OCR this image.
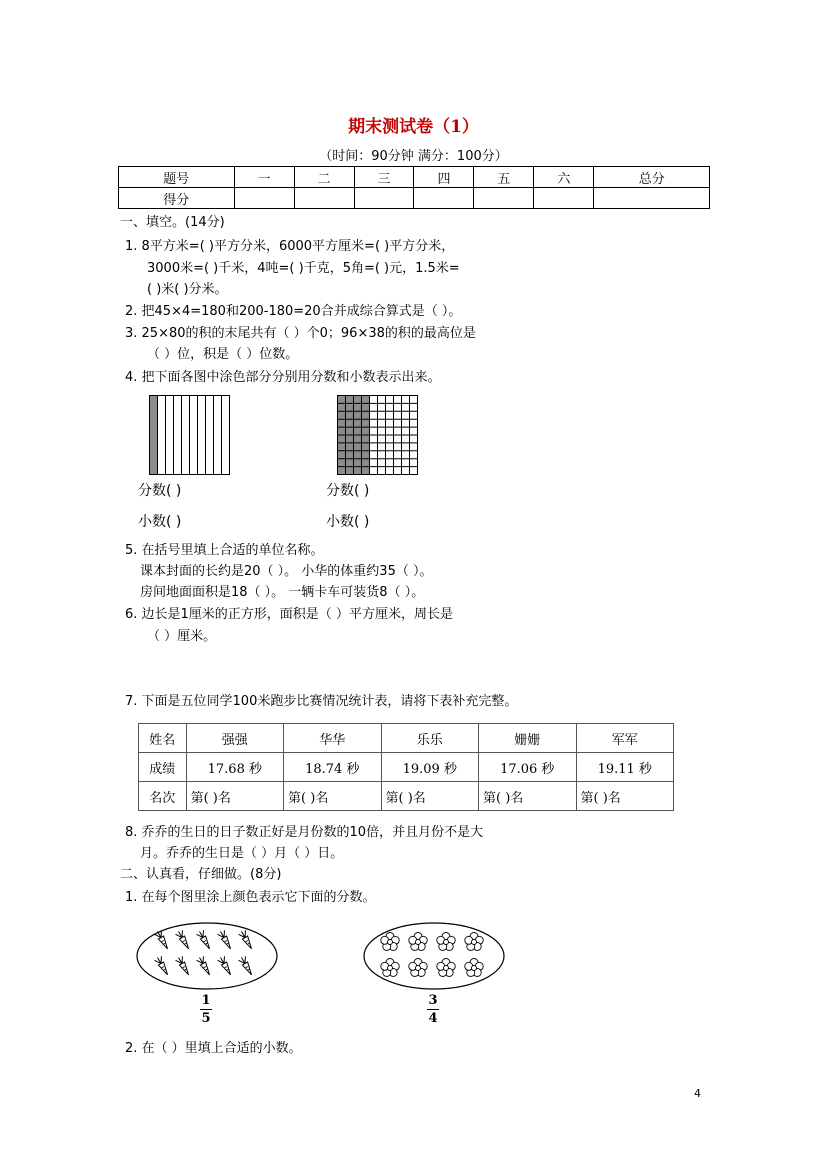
期末测试卷（1）
（时间：90分钟 满分：100分）
题号	一	二	三	四	五	六	总分
得分							
一、填空。(14分)
1. 8平方米=( )平方分米，6000平方厘米=( )平方分米，
3000米=( )千米，4吨=( )千克，5角=( )元，1.5米=
( )米( )分米。
2. 把45×4=180和200-180=20合并成综合算式是（ ）。
3. 25×80的积的末尾共有（ ）个0；96×38的积的最高位是
（ ）位，积是（ ）位数。
4. 把下面各图中涂色部分分别用分数和小数表示出来。
分数( )	分数( )
小数( )	小数( )
5. 在括号里填上合适的单位名称。
课本封面的长约是20（ ）。 小华的体重约35（ ）。
房间地面面积是18（ ）。 一辆卡车可装货8（ ）。
6. 边长是1厘米的正方形，面积是（ ）平方厘米，周长是
（ ）厘米。
7. 下面是五位同学100米跑步比赛情况统计表，请将下表补充完整。
姓名	强强	华华	乐乐	姗姗	军军
成绩	17.68 秒	18.74 秒	19.09 秒	17.06 秒	19.11 秒
名次	第( )名	第( )名	第( )名	第( )名	第( )名
8. 乔乔的生日的日子数正好是月份数的10倍，并且月份不是大
月。乔乔的生日是（ ）月（ ）日。
二、认真看，仔细做。(8分)
1. 在每个图里涂上颜色表示它下面的分数。
1
5
3
4
2. 在（ ）里填上合适的小数。
4
